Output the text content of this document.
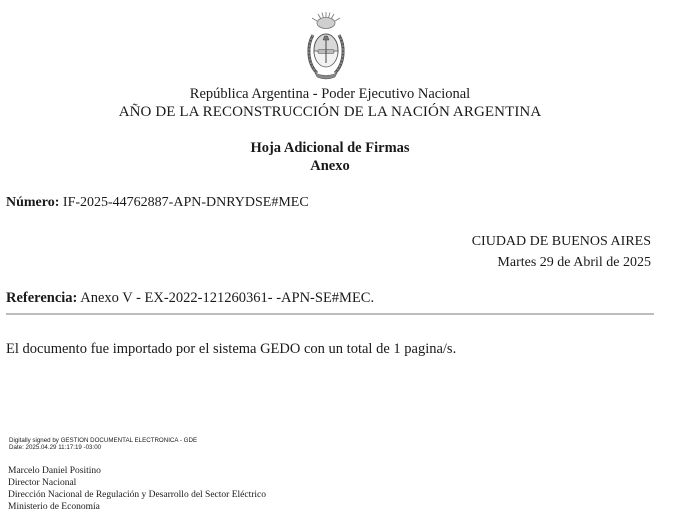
República Argentina - Poder Ejecutivo Nacional
AÑO DE LA RECONSTRUCCIÓN DE LA NACIÓN ARGENTINA
Hoja Adicional de Firmas
Anexo
Número: IF-2025-44762887-APN-DNRYDSE#MEC
CIUDAD DE BUENOS AIRES
Martes 29 de Abril de 2025
Referencia: Anexo V - EX-2022-121260361- -APN-SE#MEC.
El documento fue importado por el sistema GEDO con un total de 1 pagina/s.
Digitally signed by GESTION DOCUMENTAL ELECTRONICA - GDE
Date: 2025.04.29 11:17:19 -03:00
Marcelo Daniel Positino
Director Nacional
Dirección Nacional de Regulación y Desarrollo del Sector Eléctrico
Ministerio de Economía
